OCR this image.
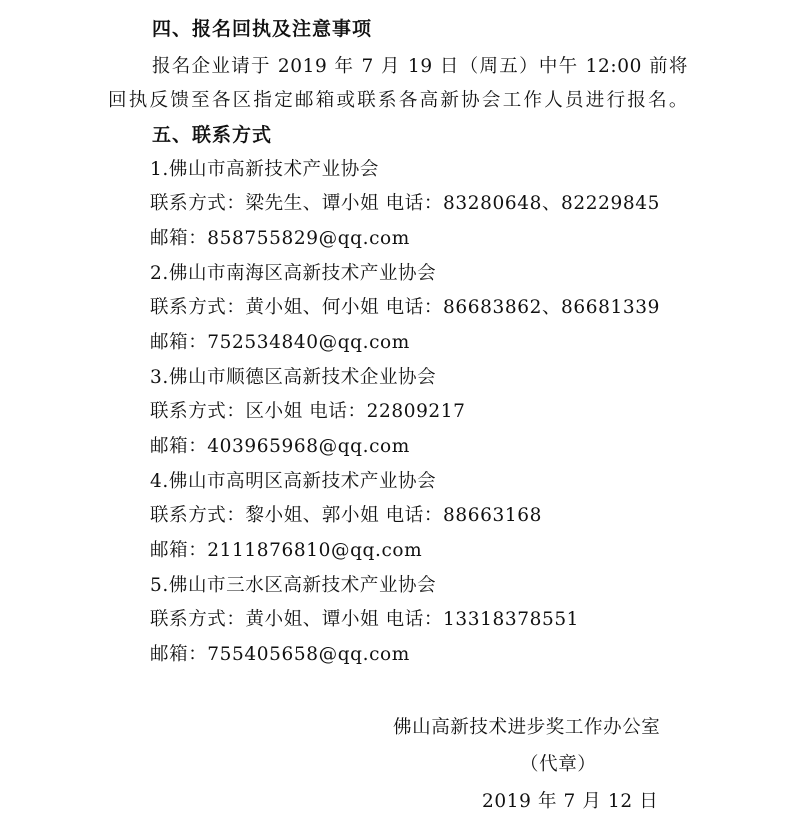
四、报名回执及注意事项
报名企业请于 2019 年 7 月 19 日（周五）中午 12:00 前将
回执反馈至各区指定邮箱或联系各高新协会工作人员进行报名。
五、联系方式
1.佛山市高新技术产业协会
联系方式：梁先生、谭小姐 电话：83280648、82229845
邮箱：858755829@qq.com
2.佛山市南海区高新技术产业协会
联系方式：黄小姐、何小姐 电话：86683862、86681339
邮箱：752534840@qq.com
3.佛山市顺德区高新技术企业协会
联系方式：区小姐 电话：22809217
邮箱：403965968@qq.com
4.佛山市高明区高新技术产业协会
联系方式：黎小姐、郭小姐 电话：88663168
邮箱：2111876810@qq.com
5.佛山市三水区高新技术产业协会
联系方式：黄小姐、谭小姐 电话：13318378551
邮箱：755405658@qq.com
佛山高新技术进步奖工作办公室
（代章）
2019 年 7 月 12 日
